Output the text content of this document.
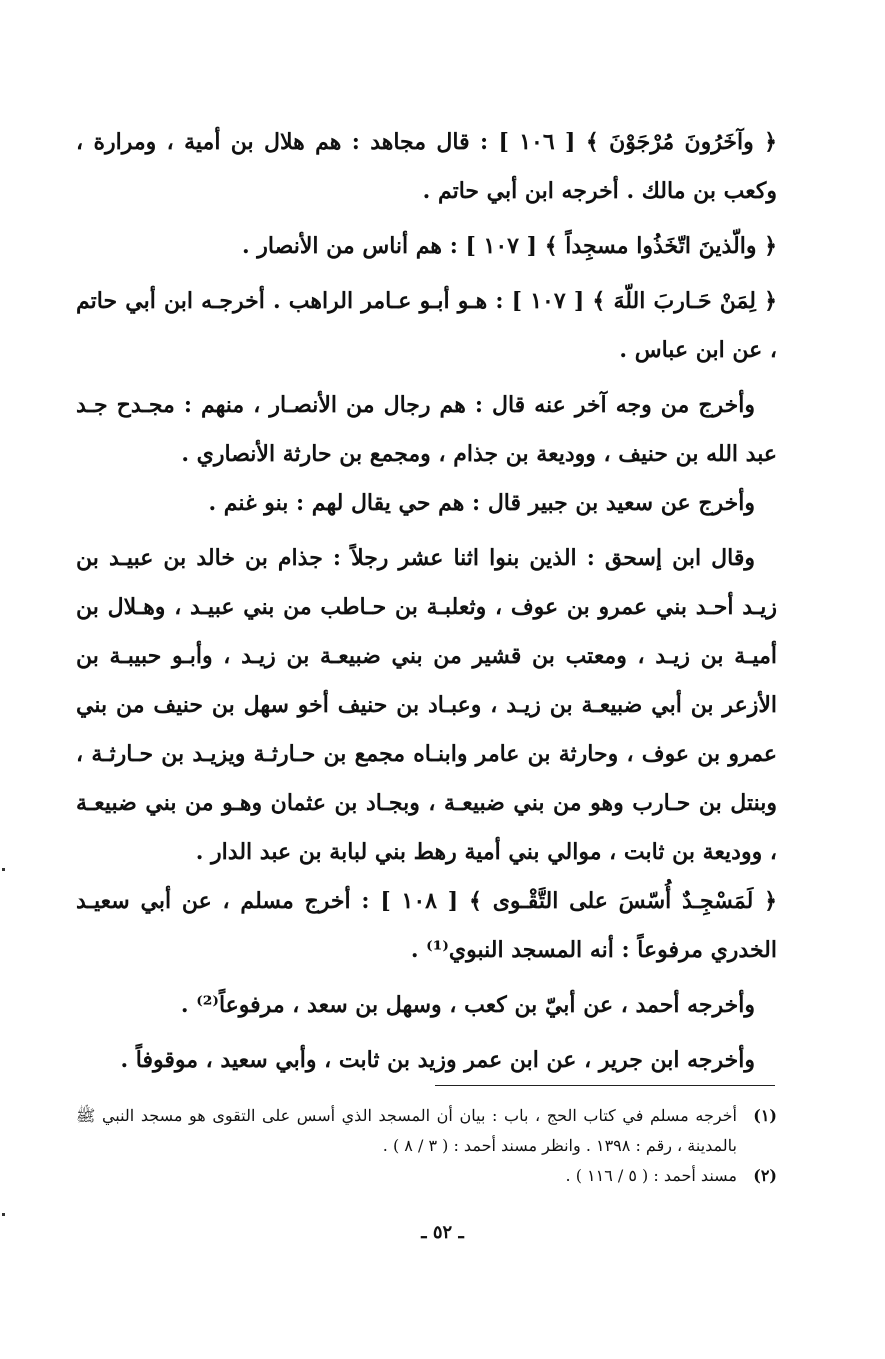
﴿ وآخَرُونَ مُرْجَوْنَ ﴾ [ ١٠٦ ] : قال مجاهد : هم هلال بن أمية ، ومرارة ، وكعب بن مالك . أخرجه ابن أبي حاتم .

﴿ والّذينَ اتّخَذُوا مسجِداً ﴾ [ ١٠٧ ] : هم أناس من الأنصار .

﴿ لِمَنْ حَـاربَ اللّهَ ﴾ [ ١٠٧ ] : هـو أبـو عـامر الراهب . أخرجـه ابن أبي حاتم ، عن ابن عباس .

وأخرج من وجه آخر عنه قال : هم رجال من الأنصـار ، منهم : مجـدح جـد عبد الله بن حنيف ، ووديعة بن جذام ، ومجمع بن حارثة الأنصاري .

وأخرج عن سعيد بن جبير قال : هم حي يقال لهم : بنو غنم .

وقال ابن إسحق : الذين بنوا اثنا عشر رجلاً : جذام بن خالد بن عبيـد بن زيـد أحـد بني عمرو بن عوف ، وثعلبـة بن حـاطب من بني عبيـد ، وهـلال بن أميـة بن زيـد ، ومعتب بن قشير من بني ضبيعـة بن زيـد ، وأبـو حبيبـة بن الأزعر بن أبي ضبيعـة بن زيـد ، وعبـاد بن حنيف أخو سهل بن حنيف من بني عمرو بن عوف ، وحارثة بن عامر وابنـاه مجمع بن حـارثـة ويزيـد بن حـارثـة ، وبنتل بن حـارب وهو من بني ضبيعـة ، وبجـاد بن عثمان وهـو من بني ضبيعـة ، ووديعة بن ثابت ، موالي بني أمية رهط بني لبابة بن عبد الدار .

﴿ لَمَسْجِـدٌ أُسّسَ على التَّقْـوى ﴾ [ ١٠٨ ] : أخرج مسلم ، عن أبي سعيـد الخدري مرفوعاً : أنه المسجد النبوي⁽¹⁾ .

وأخرجه أحمد ، عن أبيّ بن كعب ، وسهل بن سعد ، مرفوعاً⁽²⁾ .

وأخرجه ابن جرير ، عن ابن عمر وزيد بن ثابت ، وأبي سعيد ، موقوفاً .

(١)
أخرجه مسلم في كتاب الحج ، باب : بيان أن المسجد الذي أسس على التقوى هو مسجد النبي ﷺ بالمدينة ، رقم : ١٣٩٨ . وانظر مسند أحمد : ( ٣ / ٨ ) .
(٢)
مسند أحمد : ( ٥ / ١١٦ ) .
ـ ٥٢ ـ
